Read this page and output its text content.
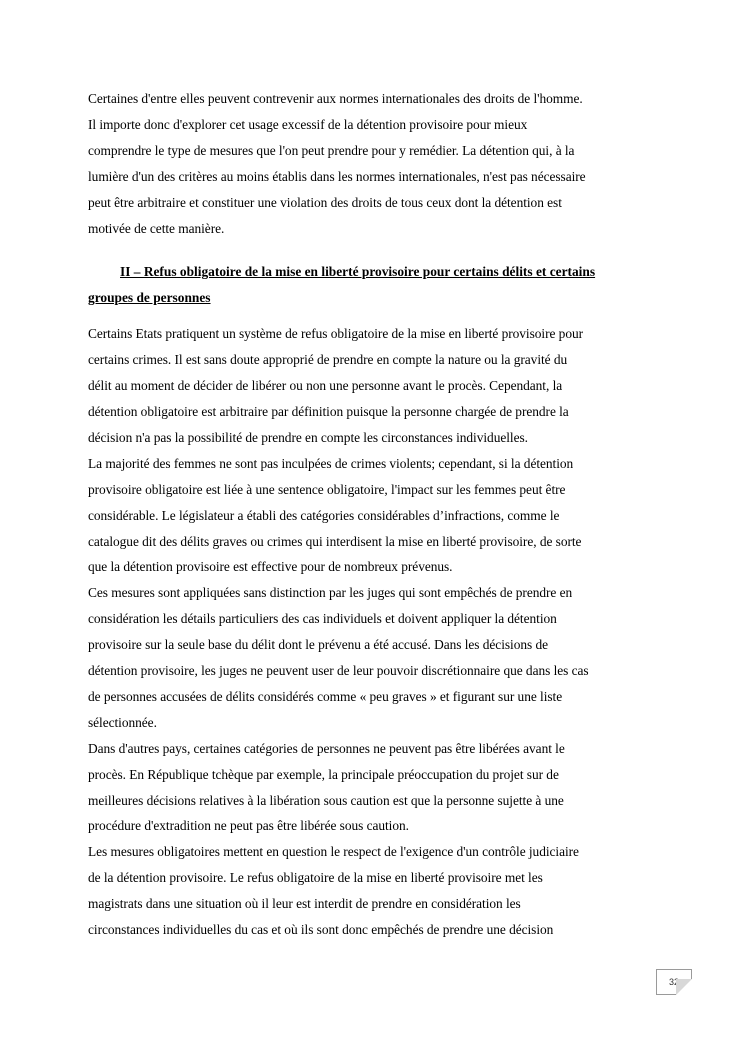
Certaines d'entre elles peuvent contrevenir aux normes internationales des droits de l'homme.
Il importe donc d'explorer cet usage excessif de la détention provisoire pour mieux
comprendre le type de mesures que l'on peut prendre pour y remédier. La détention qui, à la
lumière d'un des critères au moins établis dans les normes internationales, n'est pas nécessaire
peut être arbitraire et constituer une violation des droits de tous ceux dont la détention est
motivée de cette manière.
II – Refus obligatoire de la mise en liberté provisoire pour certains délits et certains
groupes de personnes
Certains Etats pratiquent un système de refus obligatoire de la mise en liberté provisoire pour
certains crimes. Il est sans doute approprié de prendre en compte la nature ou la gravité du
délit au moment de décider de libérer ou non une personne avant le procès. Cependant, la
détention obligatoire est arbitraire par définition puisque la personne chargée de prendre la
décision n'a pas la possibilité de prendre en compte les circonstances individuelles.
La majorité des femmes ne sont pas inculpées de crimes violents; cependant, si la détention
provisoire obligatoire est liée à une sentence obligatoire, l'impact sur les femmes peut être
considérable. Le législateur a établi des catégories considérables d’infractions, comme le
catalogue dit des délits graves ou crimes qui interdisent la mise en liberté provisoire, de sorte
que la détention provisoire est effective pour de nombreux prévenus.
Ces mesures sont appliquées sans distinction par les juges qui sont empêchés de prendre en
considération les détails particuliers des cas individuels et doivent appliquer la détention
provisoire sur la seule base du délit dont le prévenu a été accusé. Dans les décisions de
détention provisoire, les juges ne peuvent user de leur pouvoir discrétionnaire que dans les cas
de personnes accusées de délits considérés comme « peu graves » et figurant sur une liste
sélectionnée.
Dans d'autres pays, certaines catégories de personnes ne peuvent pas être libérées avant le
procès. En République tchèque par exemple, la principale préoccupation du projet sur de
meilleures décisions relatives à la libération sous caution est que la personne sujette à une
procédure d'extradition ne peut pas être libérée sous caution.
Les mesures obligatoires mettent en question le respect de l'exigence d'un contrôle judiciaire
de la détention provisoire. Le refus obligatoire de la mise en liberté provisoire met les
magistrats dans une situation où il leur est interdit de prendre en considération les
circonstances individuelles du cas et où ils sont donc empêchés de prendre une décision
32
